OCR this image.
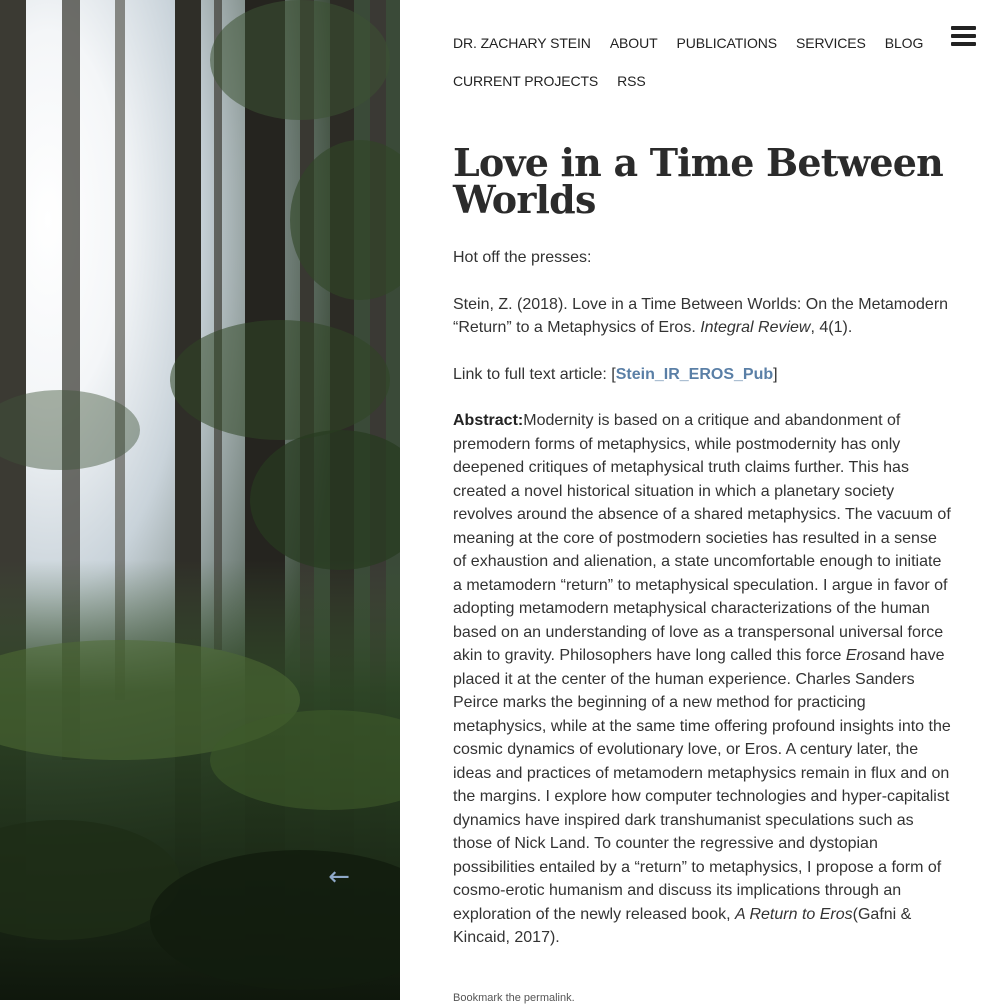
←
DR. ZACHARY STEIN ABOUT PUBLICATIONS SERVICES BLOG
CURRENT PROJECTS RSS
Love in a Time Between Worlds

Hot off the presses:

Stein, Z. (2018). Love in a Time Between Worlds: On the Metamodern “Return” to a Metaphysics of Eros. Integral Review, 4(1).

Link to full text article: [Stein_IR_EROS_Pub]

Abstract:Modernity is based on a critique and abandonment of premodern forms of metaphysics, while postmodernity has only deepened critiques of metaphysical truth claims further. This has created a novel historical situation in which a planetary society revolves around the absence of a shared metaphysics. The vacuum of meaning at the core of postmodern societies has resulted in a sense of exhaustion and alienation, a state uncomfortable enough to initiate a metamodern “return” to metaphysical speculation. I argue in favor of adopting metamodern metaphysical characterizations of the human based on an understanding of love as a transpersonal universal force akin to gravity. Philosophers have long called this force Erosand have placed it at the center of the human experience. Charles Sanders Peirce marks the beginning of a new method for practicing metaphysics, while at the same time offering profound insights into the cosmic dynamics of evolutionary love, or Eros. A century later, the ideas and practices of metamodern metaphysics remain in flux and on the margins. I explore how computer technologies and hyper-capitalist dynamics have inspired dark transhumanist speculations such as those of Nick Land. To counter the regressive and dystopian possibilities entailed by a “return” to metaphysics, I propose a form of cosmo-erotic humanism and discuss its implications through an exploration of the newly released book, A Return to Eros(Gafni & Kincaid, 2017).

Bookmark the permalink.
